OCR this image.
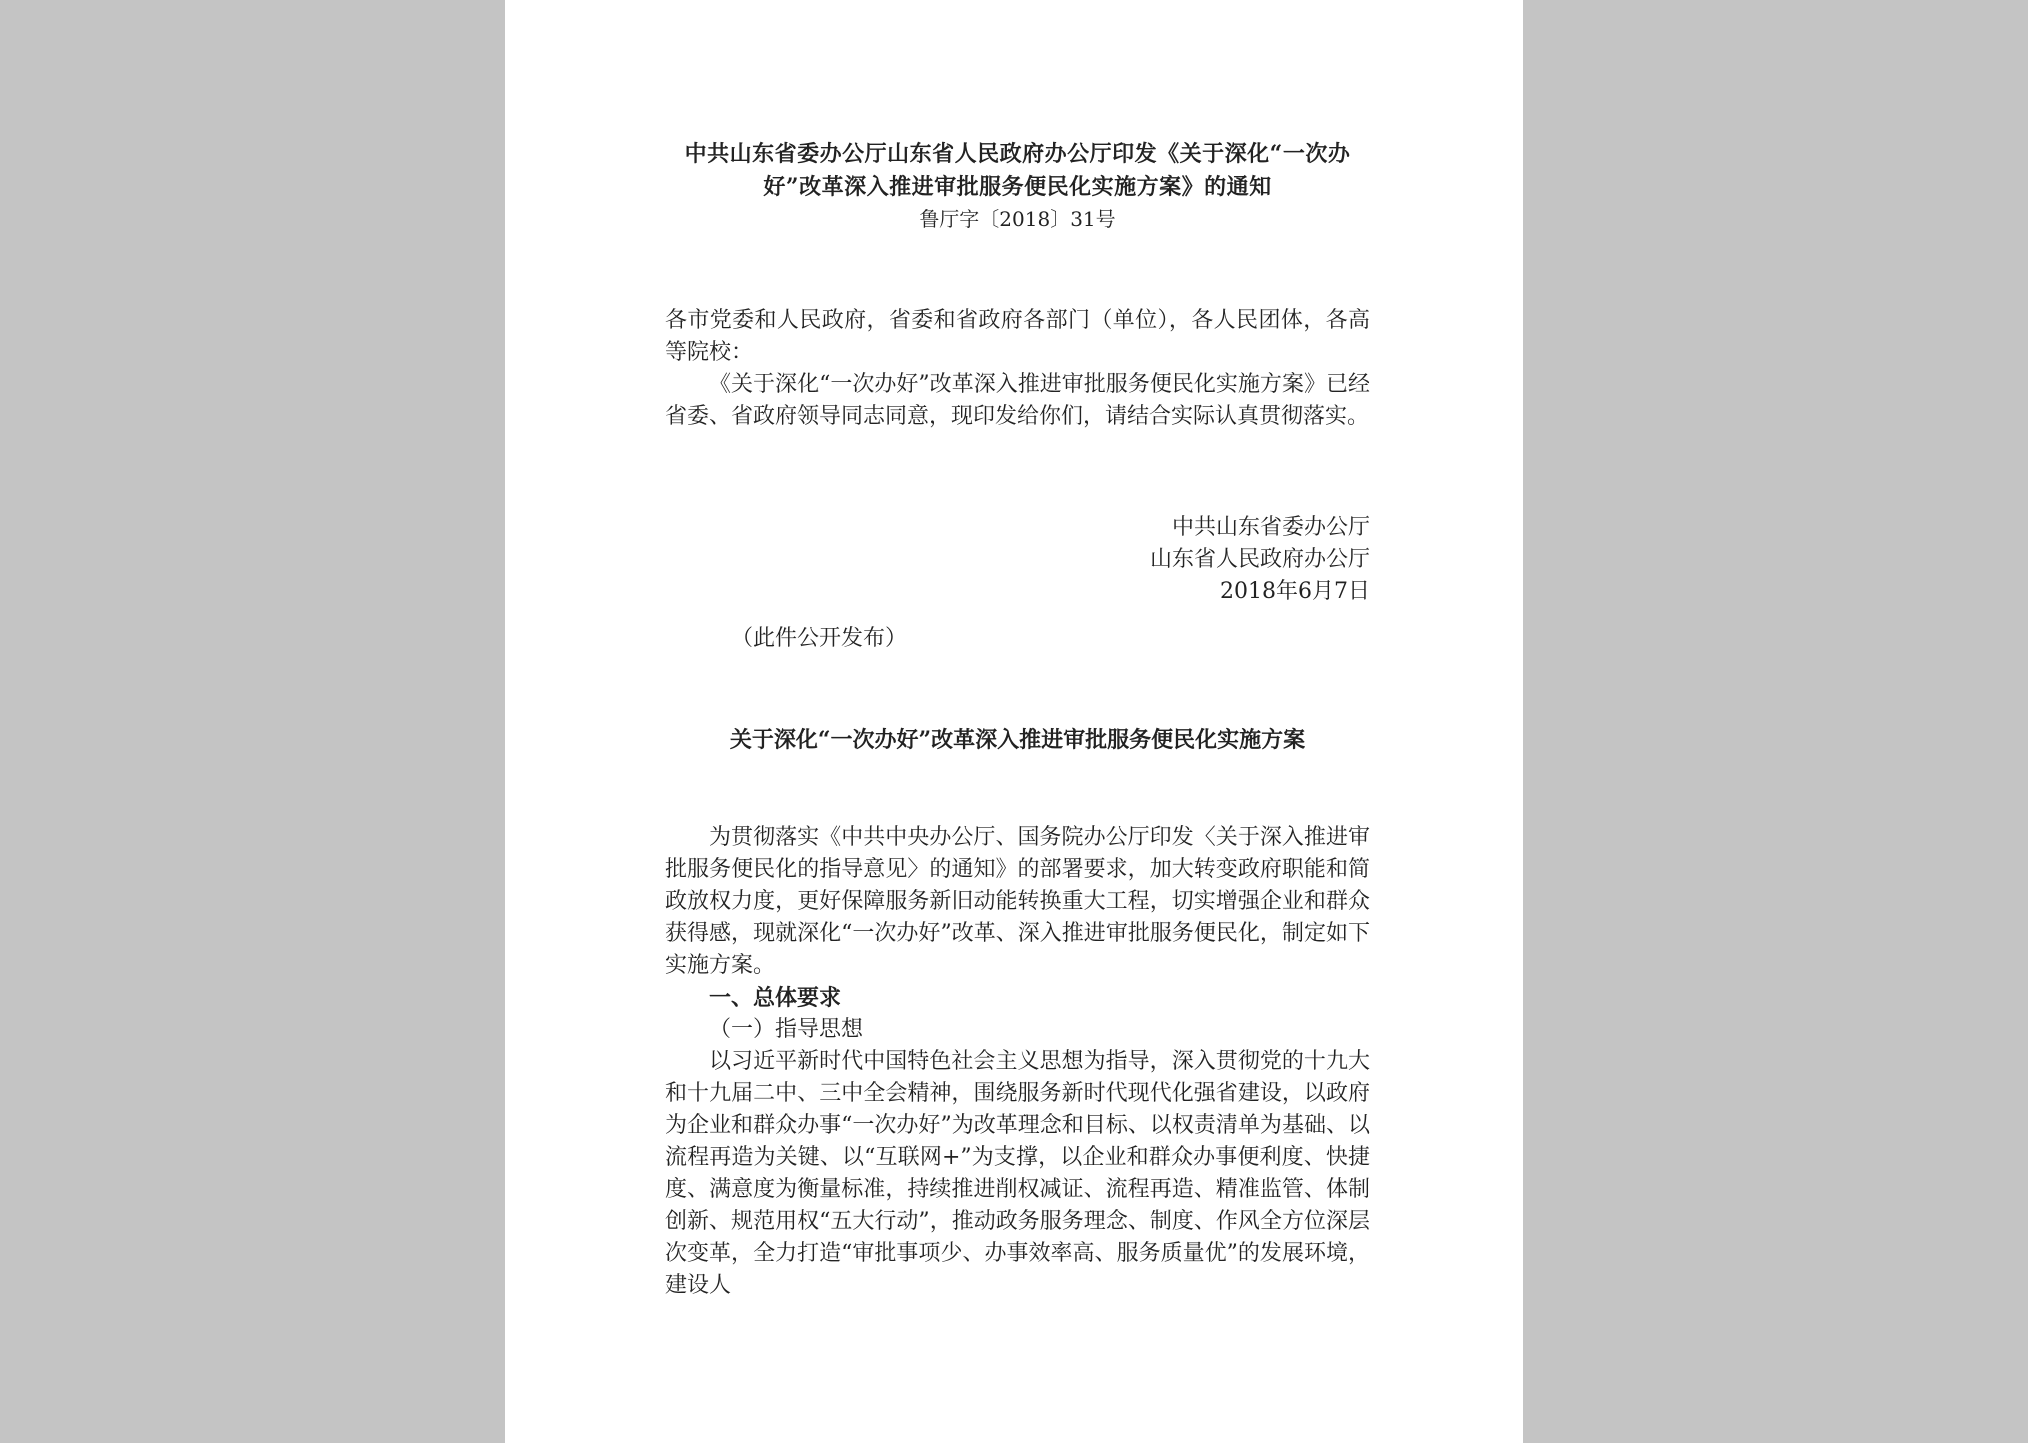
中共山东省委办公厅山东省人民政府办公厅印发《关于深化“一次办好”改革深入推进审批服务便民化实施方案》的通知
鲁厅字〔2018〕31号
各市党委和人民政府，省委和省政府各部门（单位），各人民团体，各高等院校：
《关于深化“一次办好”改革深入推进审批服务便民化实施方案》已经省委、省政府领导同志同意，现印发给你们，请结合实际认真贯彻落实。
中共山东省委办公厅
山东省人民政府办公厅
2018年6月7日
（此件公开发布）
关于深化“一次办好”改革深入推进审批服务便民化实施方案
为贯彻落实《中共中央办公厅、国务院办公厅印发〈关于深入推进审批服务便民化的指导意见〉的通知》的部署要求，加大转变政府职能和简政放权力度，更好保障服务新旧动能转换重大工程，切实增强企业和群众获得感，现就深化“一次办好”改革、深入推进审批服务便民化，制定如下实施方案。
一、总体要求
（一）指导思想
以习近平新时代中国特色社会主义思想为指导，深入贯彻党的十九大和十九届二中、三中全会精神，围绕服务新时代现代化强省建设，以政府为企业和群众办事“一次办好”为改革理念和目标、以权责清单为基础、以流程再造为关键、以“互联网+”为支撑，以企业和群众办事便利度、快捷度、满意度为衡量标准，持续推进削权减证、流程再造、精准监管、体制创新、规范用权“五大行动”，推动政务服务理念、制度、作风全方位深层次变革，全力打造“审批事项少、办事效率高、服务质量优”的发展环境，建设人
